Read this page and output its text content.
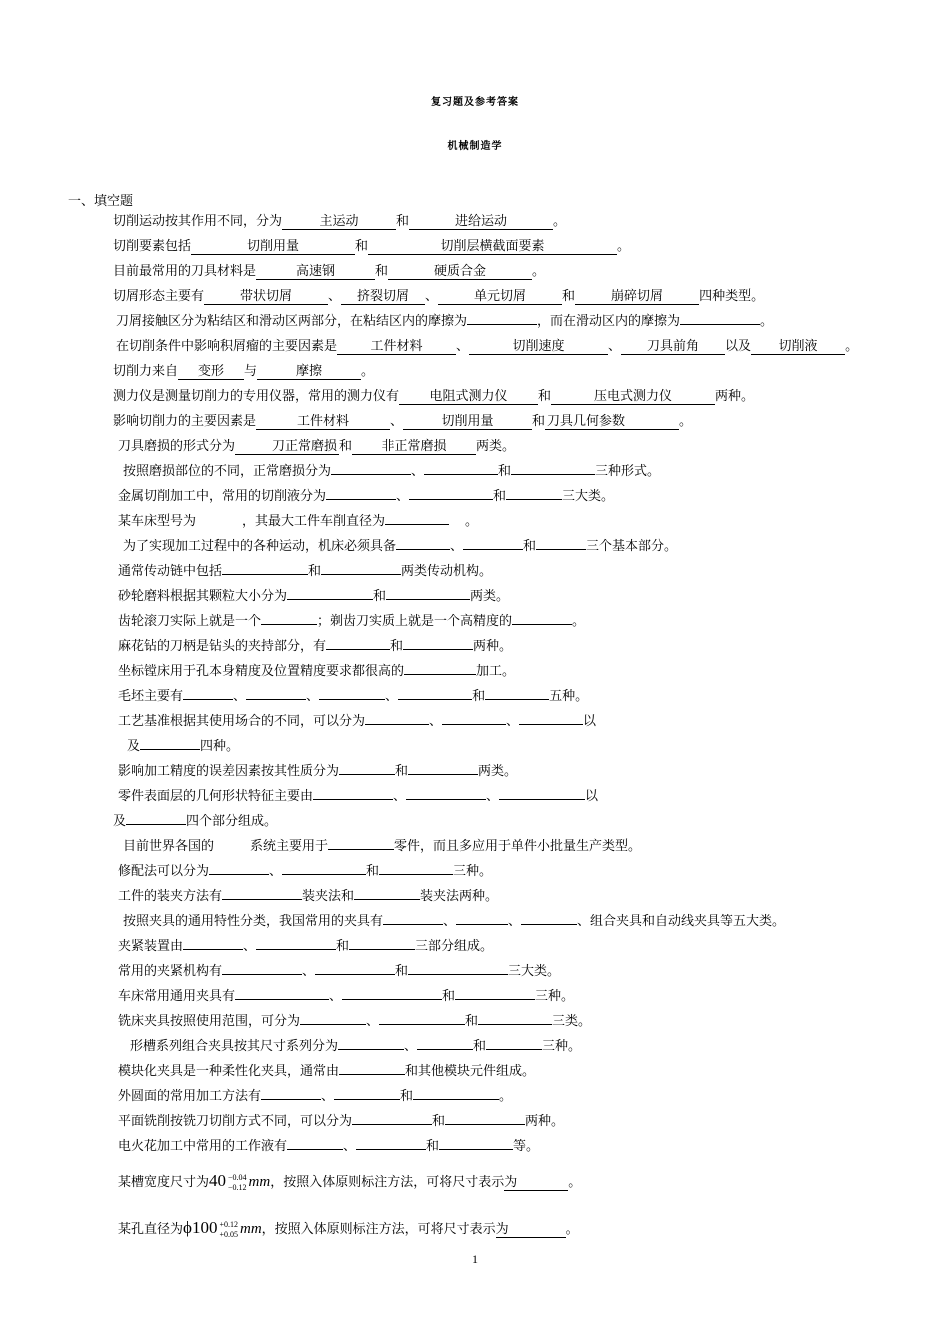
复习题及参考答案
机械制造学
一、填空题
切削运动按其作用不同，分为	主运动	和	进给运动	。
切削要素包括	切削用量	和	切削层横截面要素	。
目前最常用的刀具材料是	高速钢	和	硬质合金	。
切屑形态主要有	带状切屑	、 挤裂切屑 、	单元切屑	和	崩碎切屑	四种类型。
刀屑接触区分为粘结区和滑动区两部分，在粘结区内的摩擦为	，而在滑动区内的摩擦为	。
在切削条件中影响积屑瘤的主要因素是	工件材料	、	切削速度	、 刀具前角 以及 切削液 。
切削力来自 变形 与	摩擦	。
测力仪是测量切削力的专用仪器，常用的测力仪有 电阻式测力仪 和	压电式测力仪	两种。
影响切削力的主要因素是	工件材料	、	切削用量	和 刀具几何参数	。
刀具磨损的形式分为	刀正常磨损 和 非正常磨损 两类。
按照磨损部位的不同，正常磨损分为	、	和	三种形式。
金属切削加工中，常用的切削液分为	、	和	三大类。
某车床型号为	，其最大工件车削直径为	。
为了实现加工过程中的各种运动，机床必须具备	、	和	三个基本部分。
通常传动链中包括	和	两类传动机构。
砂轮磨料根据其颗粒大小分为	和	两类。
齿轮滚刀实际上就是一个	；剃齿刀实质上就是一个高精度的	。
麻花钻的刀柄是钻头的夹持部分，有	和	两种。
坐标镗床用于孔本身精度及位置精度要求都很高的	加工。
毛坯主要有	、	、	、	和	五种。
工艺基准根据其使用场合的不同，可以分为	、	、	以
及	四种。
影响加工精度的误差因素按其性质分为	和	两类。
零件表面层的几何形状特征主要由	、	、	以
及	四个部分组成。
目前世界各国的	系统主要用于	零件，而且多应用于单件小批量生产类型。
修配法可以分为	、	和	三种。
工件的装夹方法有	装夹法和	装夹法两种。
按照夹具的通用特性分类，我国常用的夹具有	、	、	、组合夹具和自动线夹具等五大类。
夹紧装置由	、	和	三部分组成。
常用的夹紧机构有	、	和	三大类。
车床常用通用夹具有	、	和	三种。
铣床夹具按照使用范围，可分为	、	和	三类。
形槽系列组合夹具按其尺寸系列分为	、	和	三种。
模块化夹具是一种柔性化夹具，通常由	和其他模块元件组成。
外圆面的常用加工方法有	、	和	。
平面铣削按铣刀切削方式不同，可以分为	和	两种。
电火花加工中常用的工作液有	、	和	等。
某槽宽度尺寸为40 −0.04
−0.12 mm，按照入体原则标注方法，可将尺寸表示为	。
某孔直径为ϕ100 +0.12
+0.05 mm，按照入体原则标注方法，可将尺寸表示为	。
1
